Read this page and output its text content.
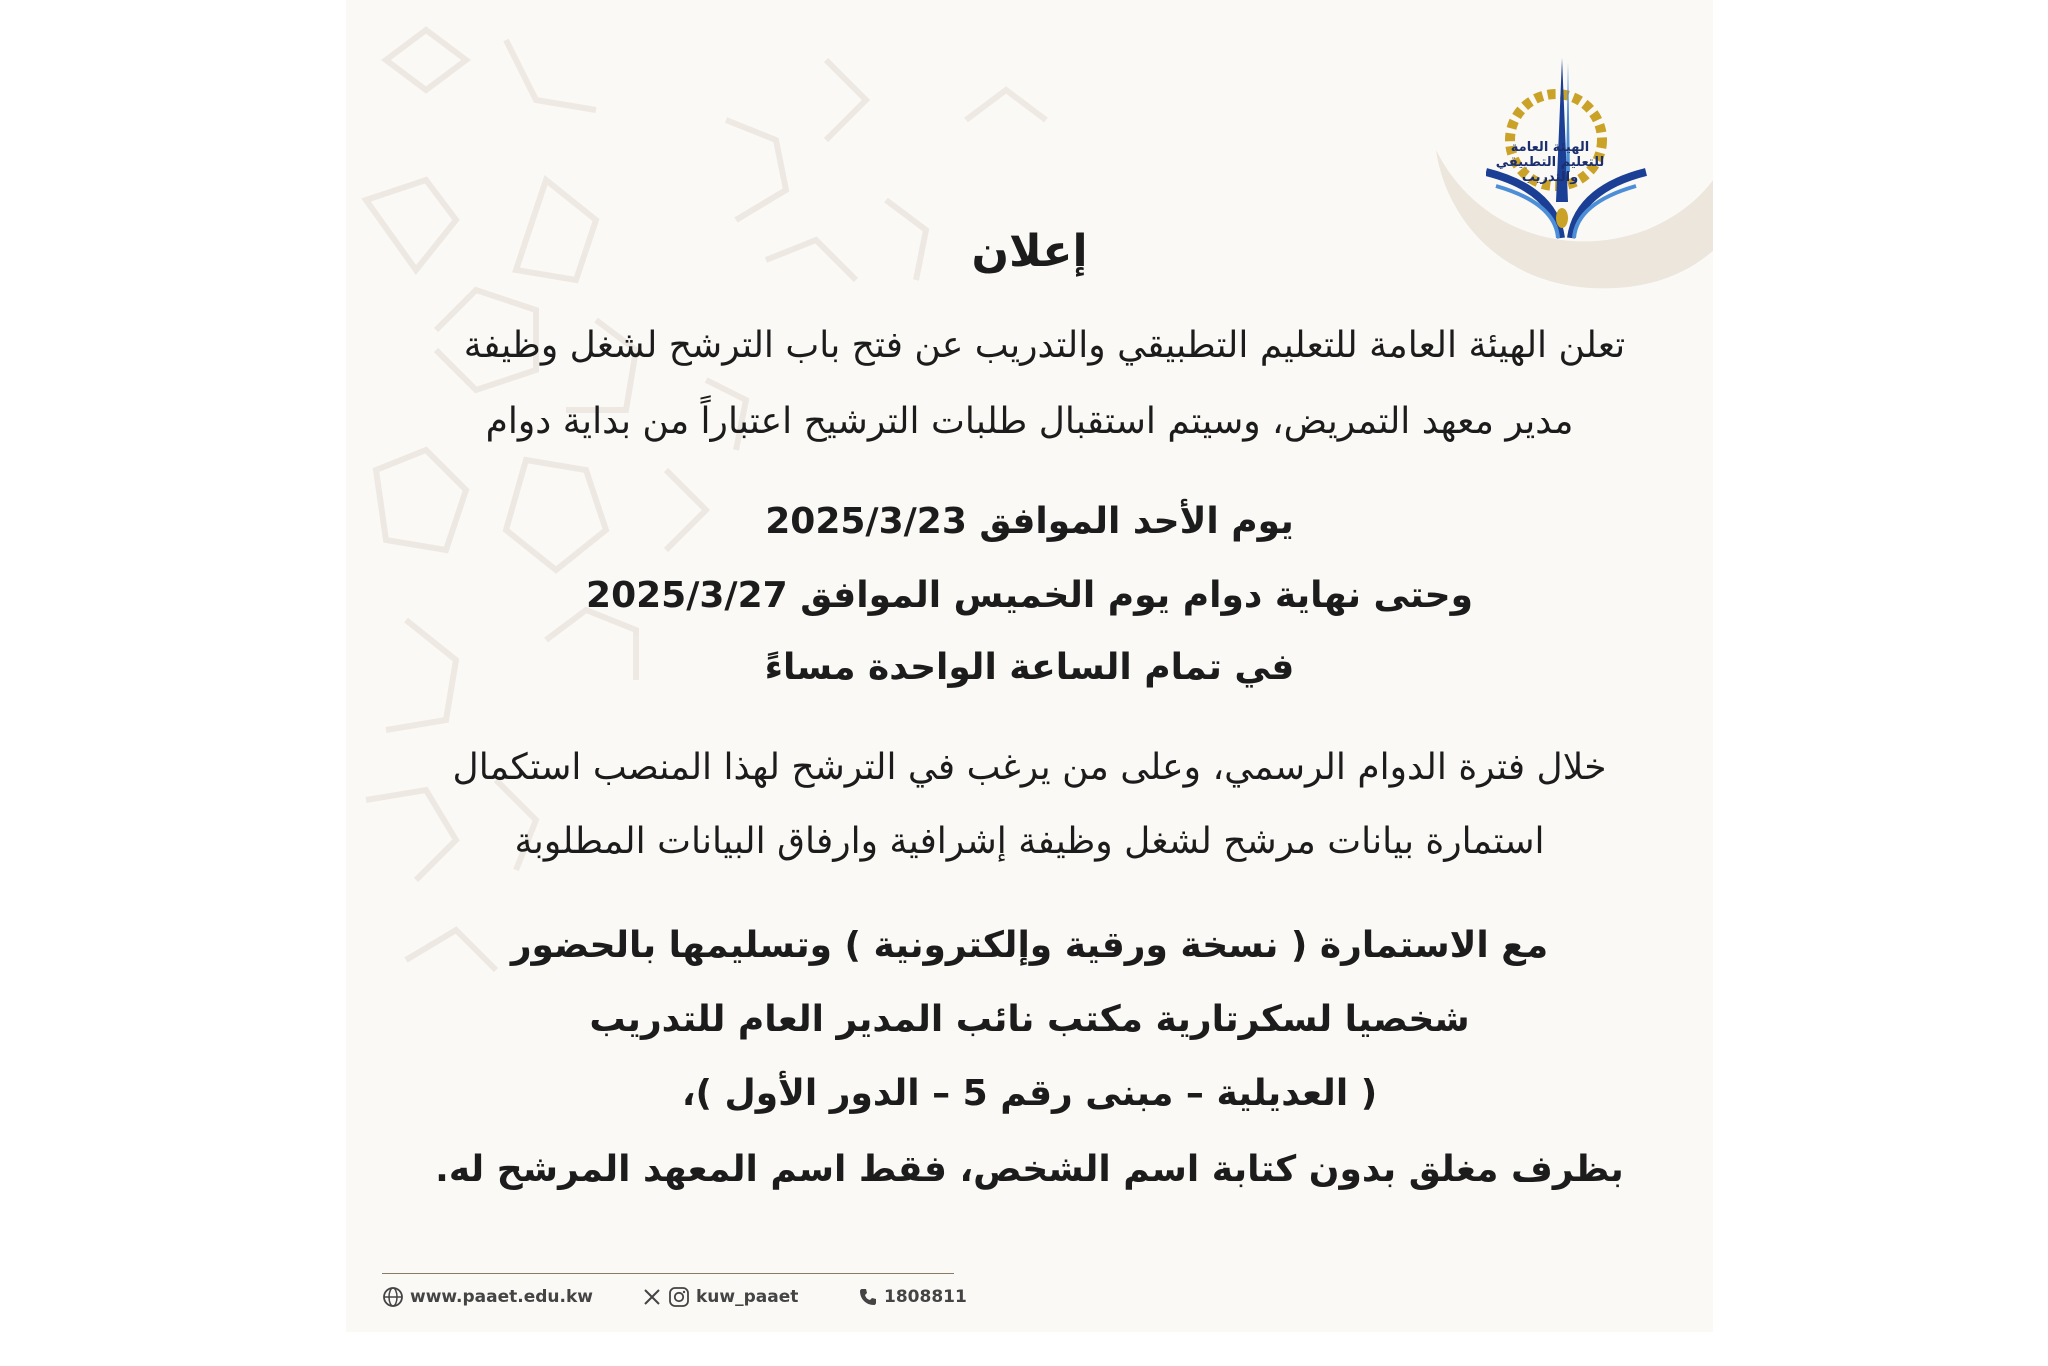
الهيئة العامة
للتعليم التطبيقي والتدريب
إعلان
تعلن الهيئة العامة للتعليم التطبيقي والتدريب عن فتح باب الترشح لشغل وظيفة
مدير معهد التمريض، وسيتم استقبال طلبات الترشيح اعتباراً من بداية دوام
يوم الأحد الموافق 2025/3/23
وحتى نهاية دوام يوم الخميس الموافق 2025/3/27
في تمام الساعة الواحدة مساءً
خلال فترة الدوام الرسمي، وعلى من يرغب في الترشح لهذا المنصب استكمال
استمارة بيانات مرشح لشغل وظيفة إشرافية وارفاق البيانات المطلوبة
مع الاستمارة ( نسخة ورقية وإلكترونية ) وتسليمها بالحضور
شخصيا لسكرتارية مكتب نائب المدير العام للتدريب
( العديلية – مبنى رقم 5 – الدور الأول )،
بظرف مغلق بدون كتابة اسم الشخص، فقط اسم المعهد المرشح له.
www.paaet.edu.kw	kuw_paaet	1808811
